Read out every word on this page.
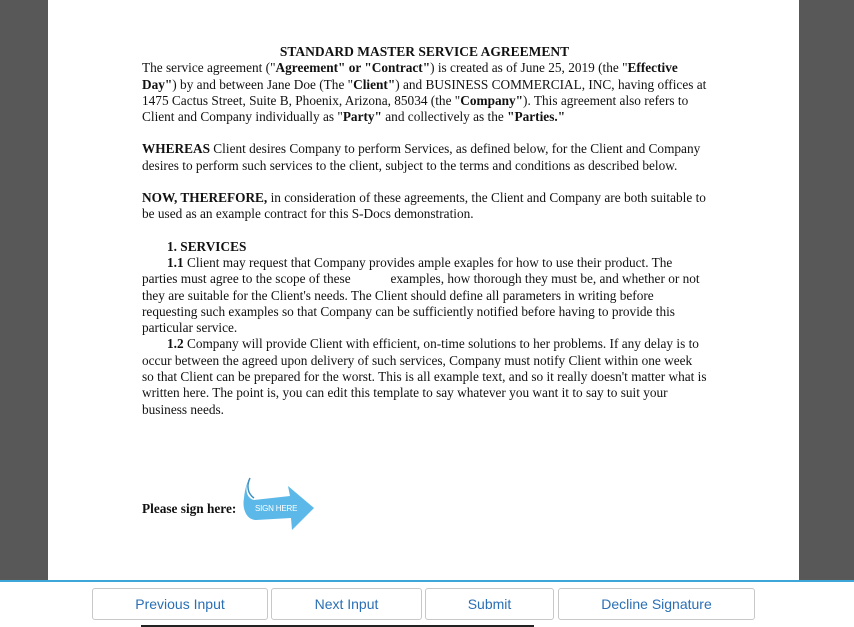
STANDARD MASTER SERVICE AGREEMENT

The service agreement ("Agreement" or "Contract") is created as of June 25, 2019 (the "Effective Day") by and between Jane Doe (The "Client") and BUSINESS COMMERCIAL, INC, having offices at 1475 Cactus Street, Suite B, Phoenix, Arizona, 85034 (the "Company"). This agreement also refers to Client and Company individually as "Party" and collectively as the "Parties."

WHEREAS Client desires Company to perform Services, as defined below, for the Client and Company desires to perform such services to the client, subject to the terms and conditions as described below.

NOW, THEREFORE, in consideration of these agreements, the Client and Company are both suitable to be used as an example contract for this S-Docs demonstration.

1. SERVICES

1.1 Client may request that Company provides ample exaples for how to use their product. The parties must agree to the scope of these            examples, how thorough they must be, and whether or not they are suitable for the Client's needs. The Client should define all parameters in writing before requesting such examples so that Company can be sufficiently notified before having to provide this particular service.

1.2 Company will provide Client with efficient, on-time solutions to her problems. If any delay is to occur between the agreed upon delivery of such services, Company must notify Client within one week so that Client can be prepared for the worst. This is all example text, and so it really doesn't matter what is written here. The point is, you can edit this template to say whatever you want it to say to suit your business needs.

Please sign here: SIGN HERE
Previous Input	Next Input	Submit	Decline Signature
